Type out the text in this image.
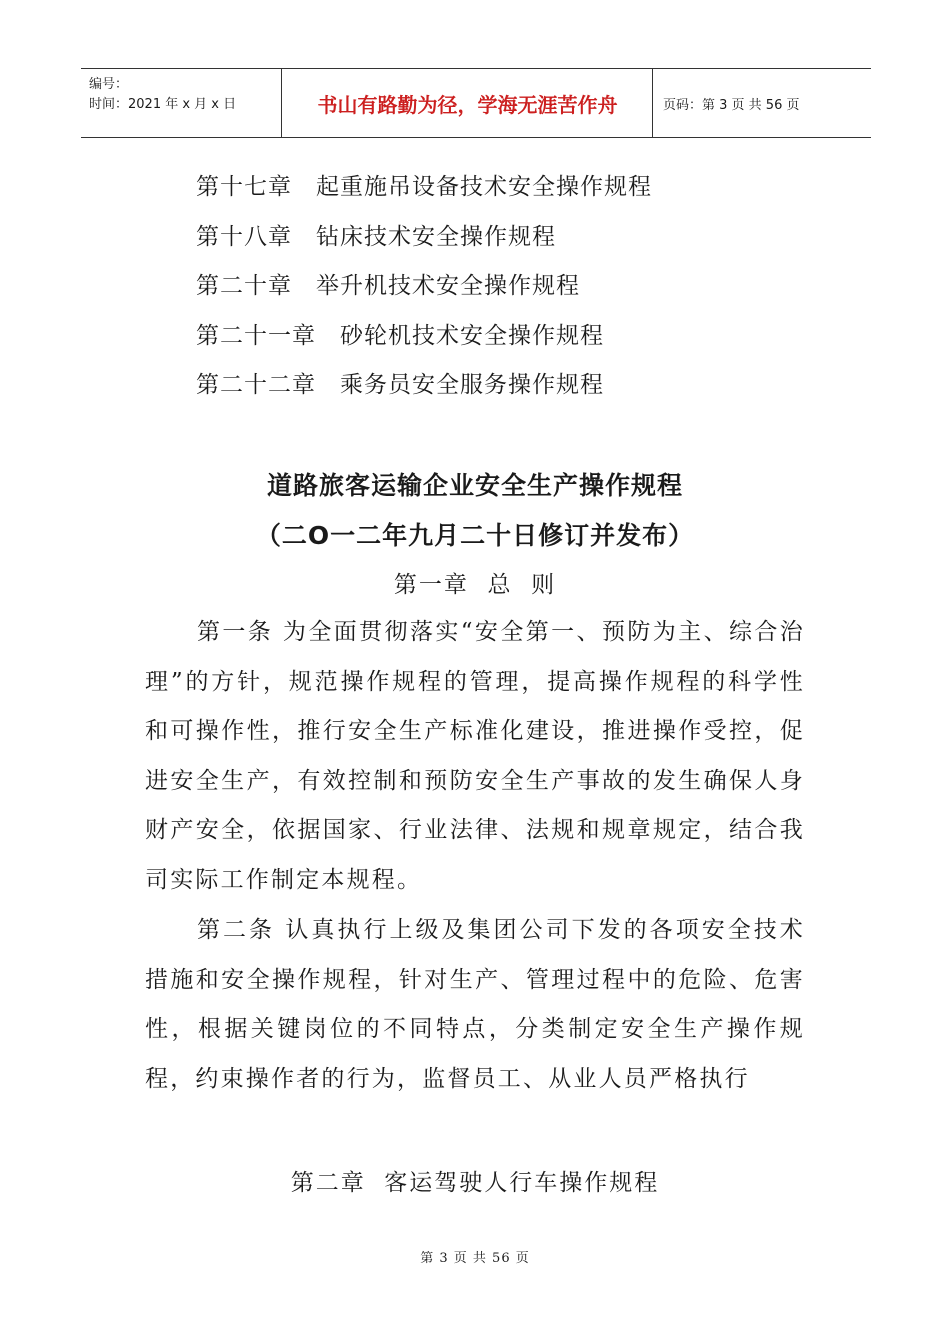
编号：
时间：2021 年 x 月 x 日	书山有路勤为径，学海无涯苦作舟	页码：第 3 页 共 56 页
第十七章　起重施吊设备技术安全操作规程
第十八章　钻床技术安全操作规程
第二十章　举升机技术安全操作规程
第二十一章　砂轮机技术安全操作规程
第二十二章　乘务员安全服务操作规程
道路旅客运输企业安全生产操作规程
（二O一二年九月二十日修订并发布）
第一章  总  则
第一条 为全面贯彻落实“安全第一、预防为主、综合治理”的方针，规范操作规程的管理，提高操作规程的科学性和可操作性，推行安全生产标准化建设，推进操作受控，促进安全生产，有效控制和预防安全生产事故的发生确保人身财产安全，依据国家、行业法律、法规和规章规定，结合我司实际工作制定本规程。
第二条 认真执行上级及集团公司下发的各项安全技术措施和安全操作规程，针对生产、管理过程中的危险、危害性，根据关键岗位的不同特点，分类制定安全生产操作规程，约束操作者的行为，监督员工、从业人员严格执行
第二章  客运驾驶人行车操作规程
第 3 页 共 56 页
